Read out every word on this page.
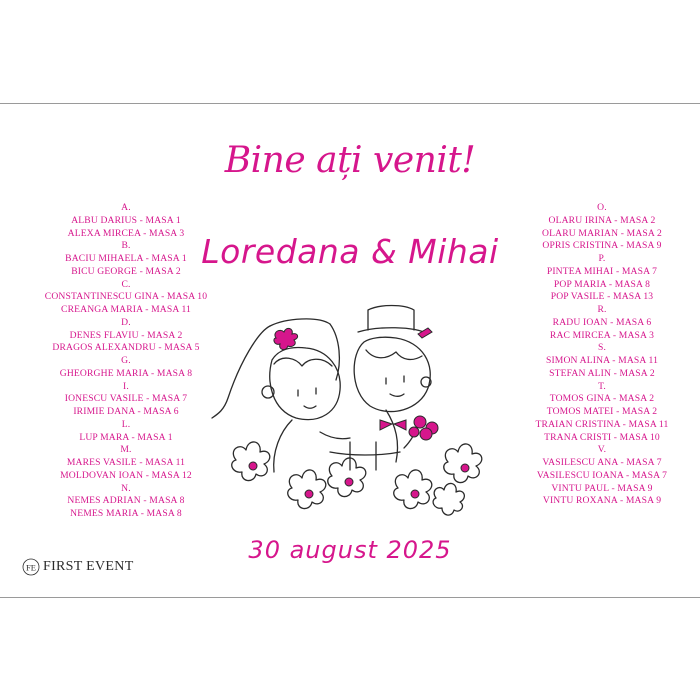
A.
ALBU DARIUS - MASA 1
ALEXA MIRCEA - MASA 3
B.
BACIU MIHAELA - MASA 1
BICU GEORGE - MASA 2
C.
CONSTANTINESCU GINA - MASA 10
CREANGA MARIA - MASA 11
D.
DENES FLAVIU - MASA 2
DRAGOS ALEXANDRU - MASA 5
G.
GHEORGHE MARIA - MASA 8
I.
IONESCU VASILE - MASA 7
IRIMIE DANA - MASA 6
L.
LUP MARA - MASA 1
M.
MARES VASILE - MASA 11
MOLDOVAN IOAN - MASA 12
N.
NEMES ADRIAN - MASA 8
NEMES MARIA - MASA 8
Bine ați venit!
Loredana & Mihai
30 august 2025
O.
OLARU IRINA - MASA 2
OLARU MARIAN - MASA 2
OPRIS CRISTINA - MASA 9
P.
PINTEA MIHAI - MASA 7
POP MARIA - MASA 8
POP VASILE - MASA 13
R.
RADU IOAN - MASA 6
RAC MIRCEA - MASA 3
S.
SIMON ALINA - MASA 11
STEFAN ALIN - MASA 2
T.
TOMOS GINA - MASA 2
TOMOS MATEI - MASA 2
TRAIAN CRISTINA - MASA 11
TRANA CRISTI - MASA 10
V.
VASILESCU ANA - MASA 7
VASILESCU IOANA - MASA 7
VINTU PAUL - MASA 9
VINTU ROXANA - MASA 9
FE FIRST EVENT
